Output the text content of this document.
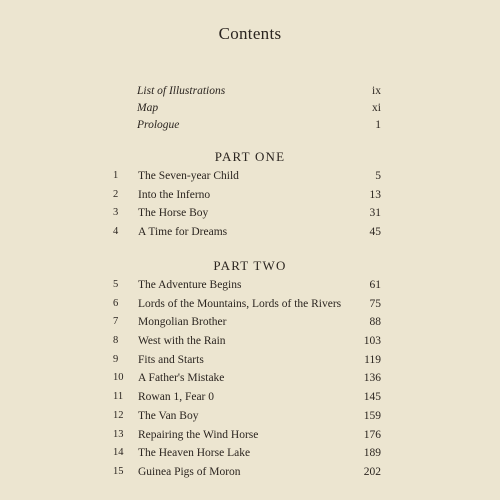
Contents
List of Illustrations	ix
Map	xi
Prologue	1
PART ONE
1	The Seven-year Child	5
2	Into the Inferno	13
3	The Horse Boy	31
4	A Time for Dreams	45
PART TWO
5	The Adventure Begins	61
6	Lords of the Mountains, Lords of the Rivers 75
7	Mongolian Brother	88
8	West with the Rain	103
9	Fits and Starts	119
10	A Father's Mistake	136
11	Rowan 1, Fear 0	145
12	The Van Boy	159
13	Repairing the Wind Horse	176
14	The Heaven Horse Lake	189
15	Guinea Pigs of Moron	202
